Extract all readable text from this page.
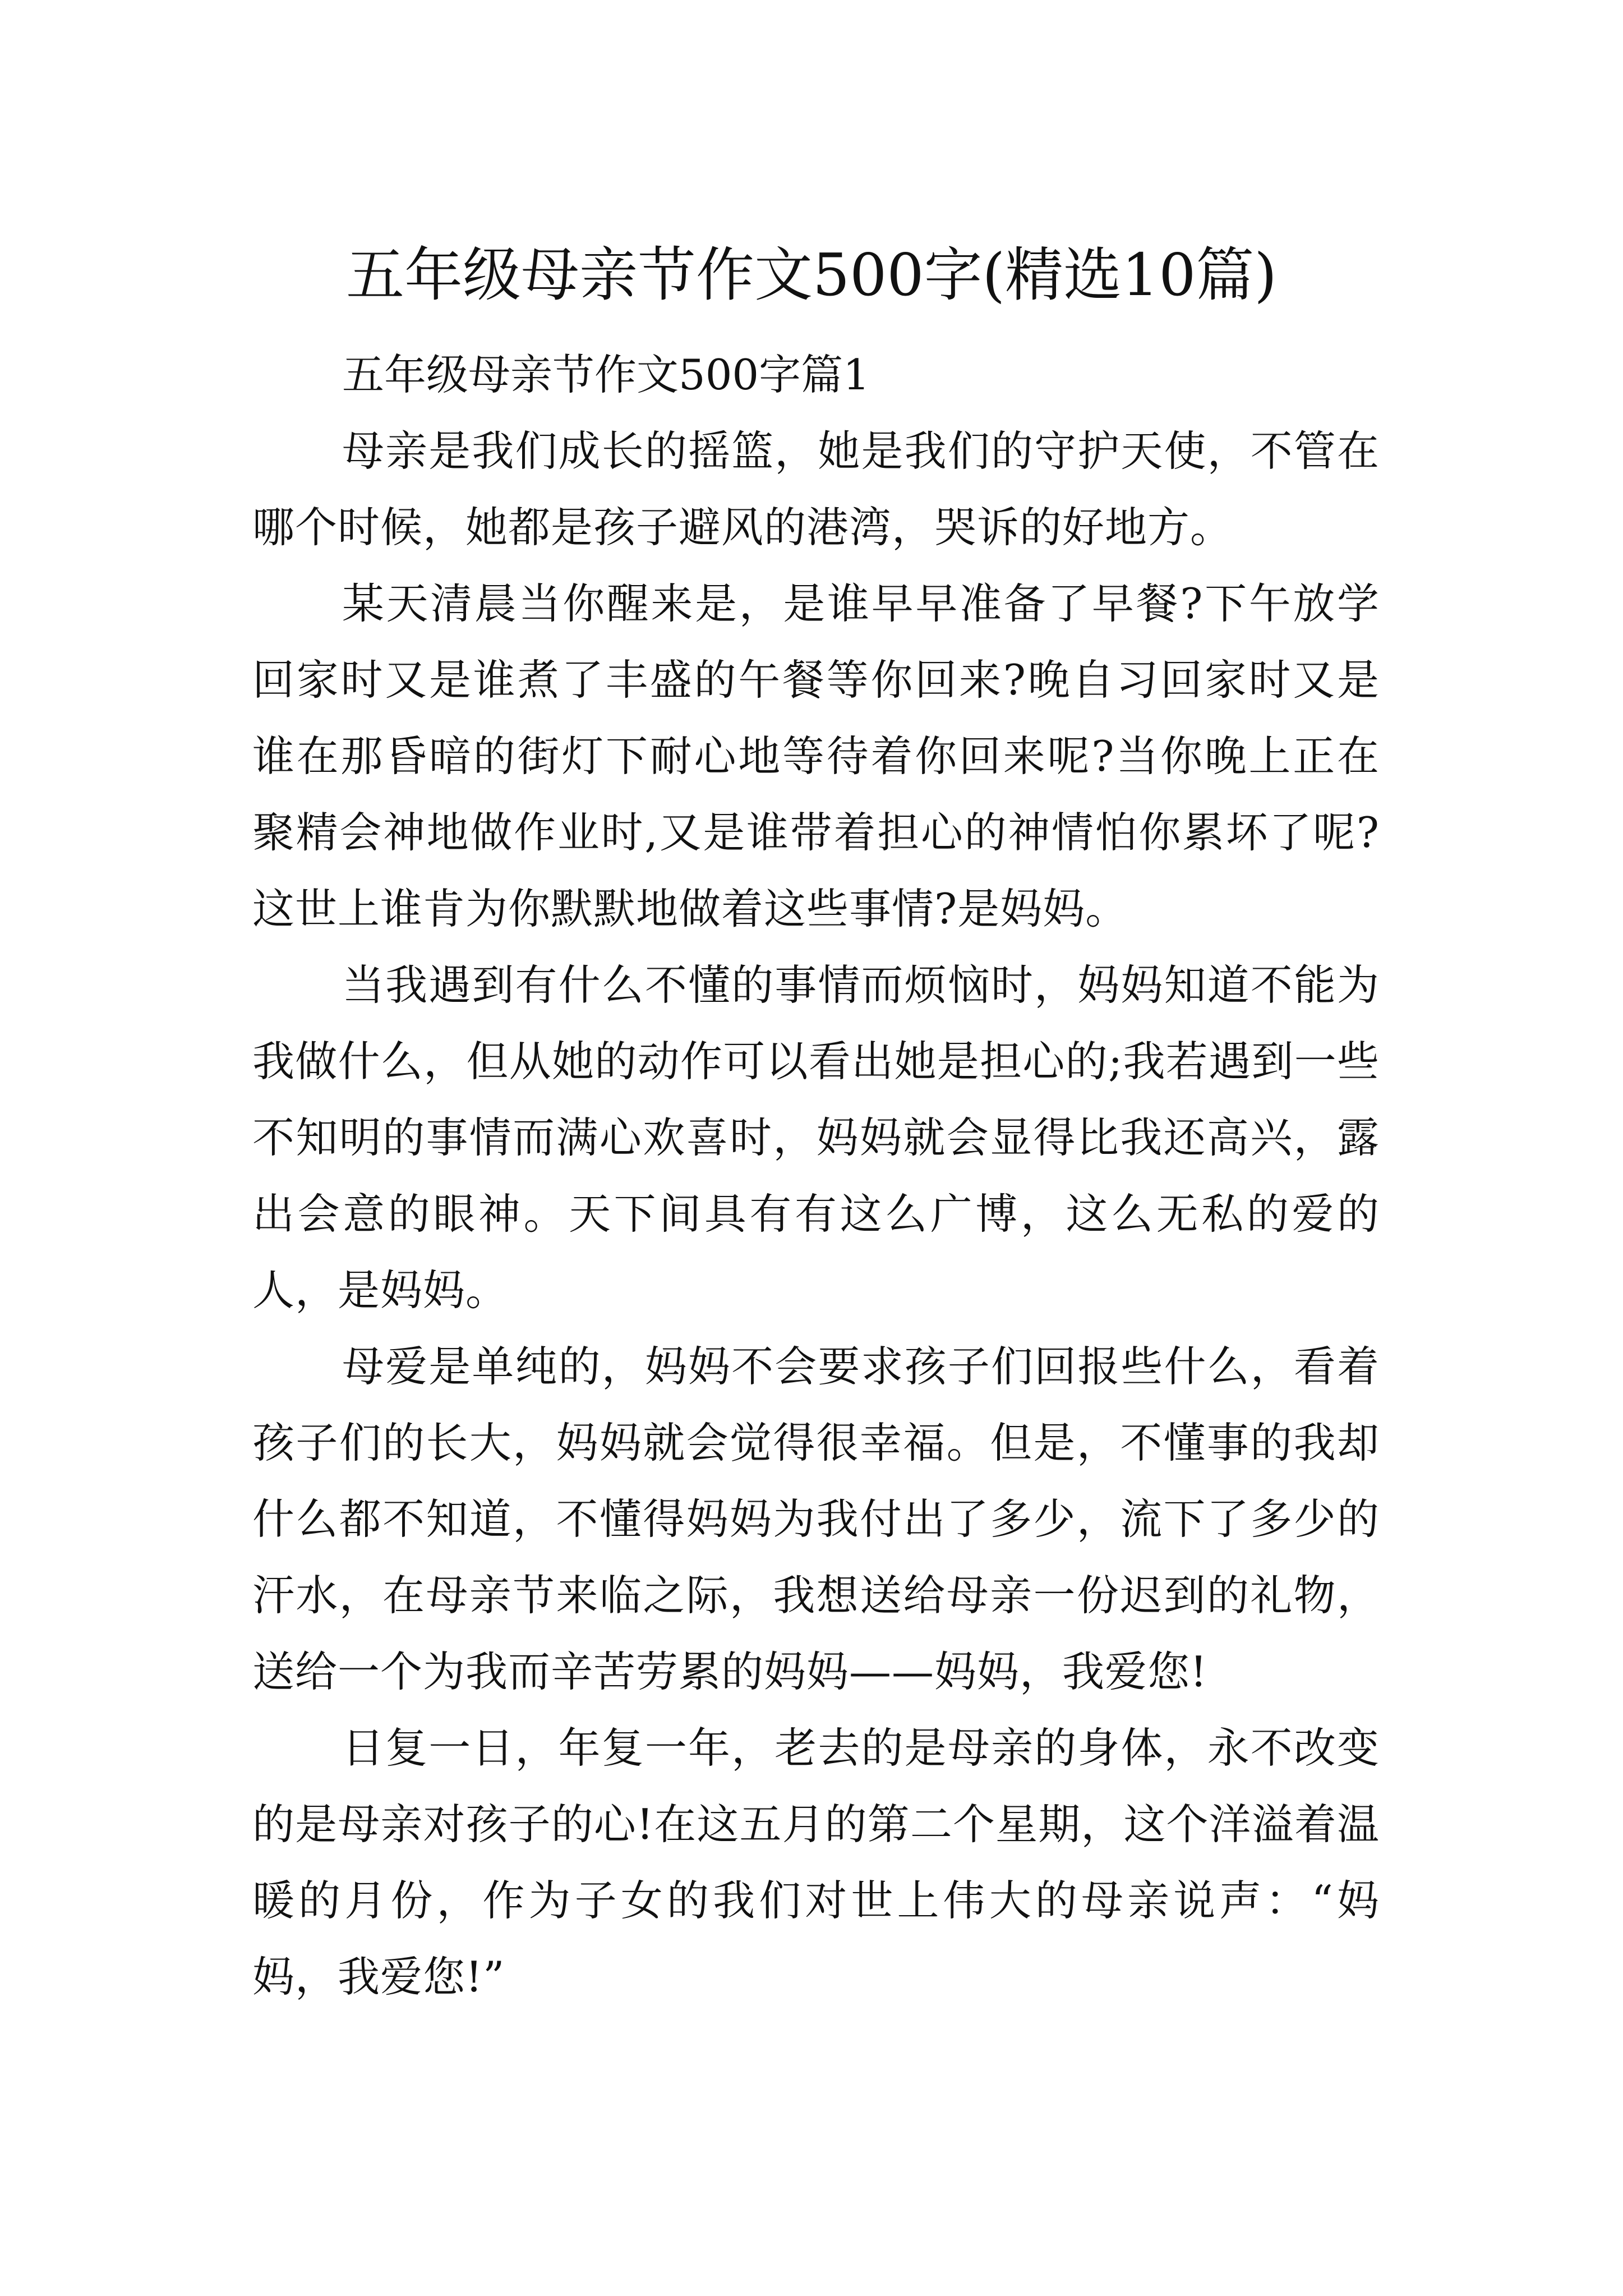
五年级母亲节作文500字(精选10篇)

五年级母亲节作文500字篇1

母亲是我们成长的摇篮，她是我们的守护天使，不管在哪个时候，她都是孩子避风的港湾，哭诉的好地方。

某天清晨当你醒来是，是谁早早准备了早餐?下午放学回家时又是谁煮了丰盛的午餐等你回来?晚自习回家时又是谁在那昏暗的街灯下耐心地等待着你回来呢?当你晚上正在聚精会神地做作业时,又是谁带着担心的神情怕你累坏了呢?这世上谁肯为你默默地做着这些事情?是妈妈。

当我遇到有什么不懂的事情而烦恼时，妈妈知道不能为我做什么，但从她的动作可以看出她是担心的;我若遇到一些不知明的事情而满心欢喜时，妈妈就会显得比我还高兴，露出会意的眼神。天下间具有有这么广博，这么无私的爱的人，是妈妈。

母爱是单纯的，妈妈不会要求孩子们回报些什么，看着孩子们的长大，妈妈就会觉得很幸福。但是，不懂事的我却什么都不知道，不懂得妈妈为我付出了多少，流下了多少的汗水，在母亲节来临之际，我想送给母亲一份迟到的礼物，送给一个为我而辛苦劳累的妈妈——妈妈，我爱您!

日复一日，年复一年，老去的是母亲的身体，永不改变的是母亲对孩子的心!在这五月的第二个星期，这个洋溢着温暖的月份，作为子女的我们对世上伟大的母亲说声：“妈妈，我爱您!”
